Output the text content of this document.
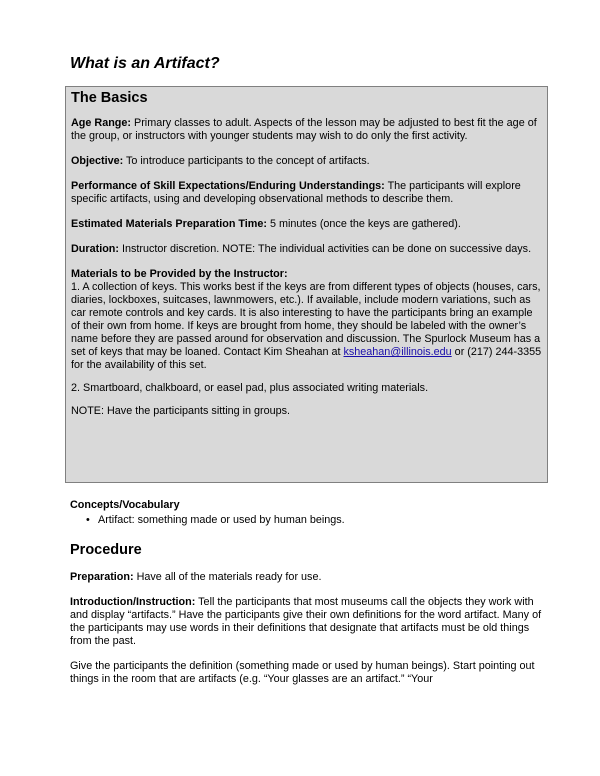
What is an Artifact?
The Basics

Age Range: Primary classes to adult. Aspects of the lesson may be adjusted to best fit the age of the group, or instructors with younger students may wish to do only the first activity.

Objective: To introduce participants to the concept of artifacts.

Performance of Skill Expectations/Enduring Understandings: The participants will explore specific artifacts, using and developing observational methods to describe them.

Estimated Materials Preparation Time: 5 minutes (once the keys are gathered).

Duration: Instructor discretion. NOTE: The individual activities can be done on successive days.

Materials to be Provided by the Instructor:
1. A collection of keys. This works best if the keys are from different types of objects (houses, cars, diaries, lockboxes, suitcases, lawnmowers, etc.). If available, include modern variations, such as car remote controls and key cards. It is also interesting to have the participants bring an example of their own from home. If keys are brought from home, they should be labeled with the owner’s name before they are passed around for observation and discussion. The Spurlock Museum has a set of keys that may be loaned. Contact Kim Sheahan at ksheahan@illinois.edu or (217) 244-3355 for the availability of this set.

2. Smartboard, chalkboard, or easel pad, plus associated writing materials.

NOTE: Have the participants sitting in groups.

Concepts/Vocabulary
• Artifact: something made or used by human beings.
Procedure

Preparation: Have all of the materials ready for use.

Introduction/Instruction: Tell the participants that most museums call the objects they work with and display “artifacts.” Have the participants give their own definitions for the word artifact. Many of the participants may use words in their definitions that designate that artifacts must be old things from the past.

Give the participants the definition (something made or used by human beings). Start pointing out things in the room that are artifacts (e.g. “Your glasses are an artifact.” “Your
